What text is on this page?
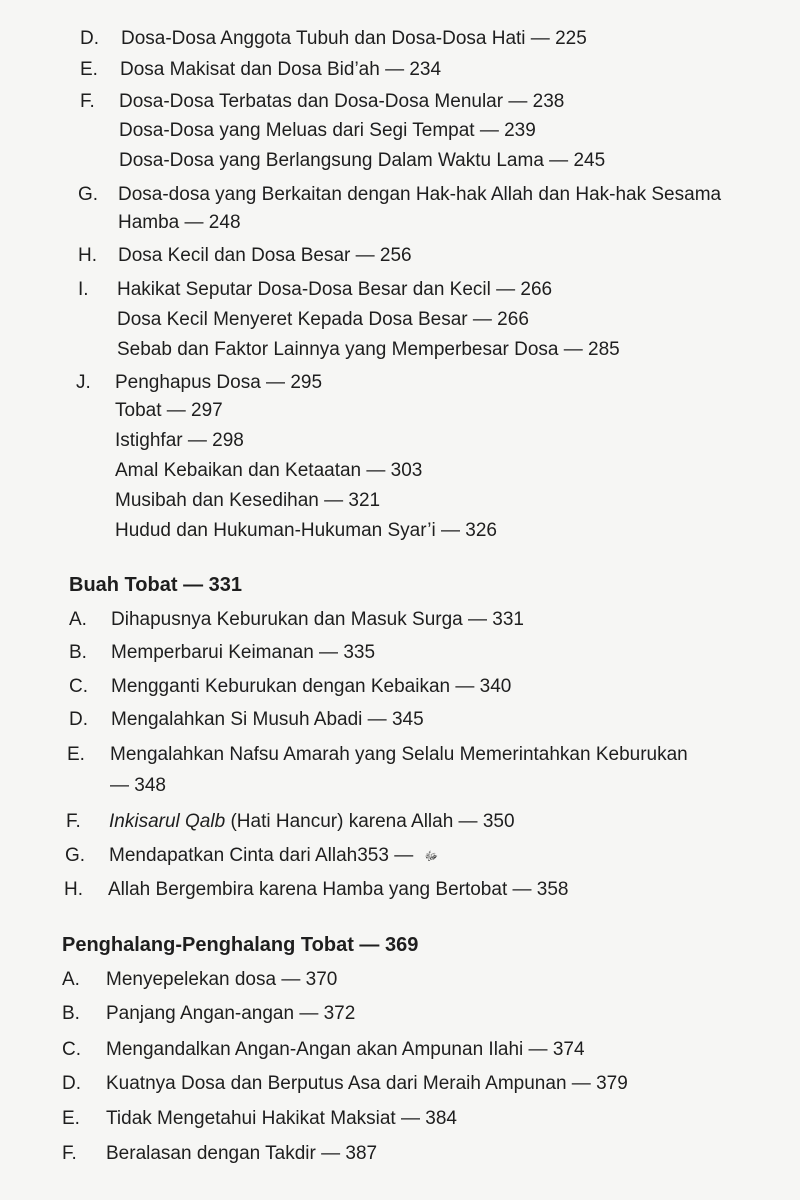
D. Dosa-Dosa Anggota Tubuh dan Dosa-Dosa Hati — 225
E. Dosa Makisat dan Dosa Bid’ah — 234
F. Dosa-Dosa Terbatas dan Dosa-Dosa Menular — 238
Dosa-Dosa yang Meluas dari Segi Tempat — 239
Dosa-Dosa yang Berlangsung Dalam Waktu Lama — 245
G. Dosa-dosa yang Berkaitan dengan Hak-hak Allah dan Hak-hak Sesama
Hamba — 248
H. Dosa Kecil dan Dosa Besar — 256
I. Hakikat Seputar Dosa-Dosa Besar dan Kecil — 266
Dosa Kecil Menyeret Kepada Dosa Besar — 266
Sebab dan Faktor Lainnya yang Memperbesar Dosa — 285
J. Penghapus Dosa — 295
Tobat — 297
Istighfar — 298
Amal Kebaikan dan Ketaatan — 303
Musibah dan Kesedihan — 321
Hudud dan Hukuman-Hukuman Syar’i — 326
Buah Tobat — 331
A. Dihapusnya Keburukan dan Masuk Surga — 331
B. Memperbarui Keimanan — 335
C. Mengganti Keburukan dengan Kebaikan — 340
D. Mengalahkan Si Musuh Abadi — 345
E. Mengalahkan Nafsu Amarah yang Selalu Memerintahkan Keburukan
— 348
F. Inkisarul Qalb (Hati Hancur) karena Allah — 350
G. Mendapatkan Cinta dari Allah	ﷻ — 353
H. Allah Bergembira karena Hamba yang Bertobat — 358
Penghalang-Penghalang Tobat — 369
A. Menyepelekan dosa — 370
B. Panjang Angan-angan — 372
C. Mengandalkan Angan-Angan akan Ampunan Ilahi — 374
D. Kuatnya Dosa dan Berputus Asa dari Meraih Ampunan — 379
E. Tidak Mengetahui Hakikat Maksiat — 384
F. Beralasan dengan Takdir — 387
